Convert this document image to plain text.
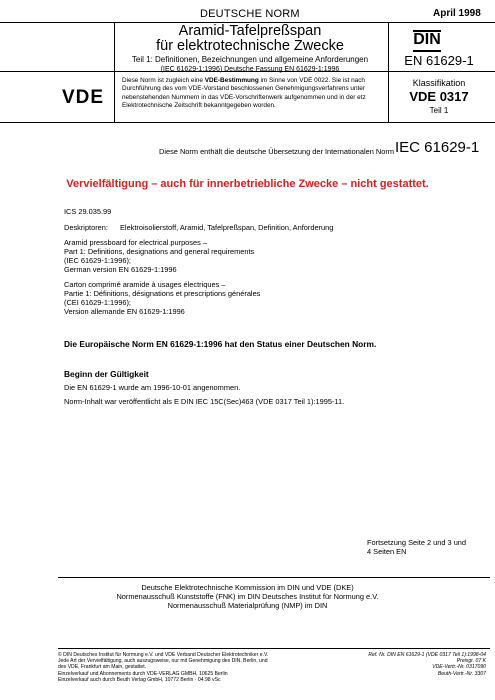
DEUTSCHE NORM	April 1998
Aramid-Tafelpreßspan
für elektrotechnische Zwecke
Teil 1: Definitionen, Bezeichnungen und allgemeine Anforderungen
(IEC 61629-1:1996) Deutsche Fassung EN 61629-1:1996
DIN
EN 61629-1
VDE
Diese Norm ist zugleich eine VDE-Bestimmung im Sinne von VDE 0022. Sie ist nach Durchführung des vom VDE-Vorstand beschlossenen Genehmigungsverfahrens unter nebenstehenden Nummern in das VDE-Vorschriftenwerk aufgenommen und in der etz Elektrotechnische Zeitschrift bekanntgegeben worden.
Klassifikation
VDE 0317
Teil 1
Diese Norm enthält die deutsche Übersetzung der Internationalen Norm IEC 61629-1
Vervielfältigung – auch für innerbetriebliche Zwecke – nicht gestattet.
ICS 29.035.99
Deskriptoren: Elektroisolierstoff, Aramid, Tafelpreßspan, Definition, Anforderung
Aramid pressboard for electrical purposes –
Part 1: Definitions, designations and general requirements
(IEC 61629-1:1996);
German version EN 61629-1:1996
Carton comprimé aramide à usages électriques –
Partie 1: Définitions, désignations et prescriptions générales
(CEI 61629-1:1996);
Version allemande EN 61629-1:1996
Die Europäische Norm EN 61629-1:1996 hat den Status einer Deutschen Norm.
Beginn der Gültigkeit
Die EN 61629-1 wurde am 1996-10-01 angenommen.
Norm-Inhalt war veröffentlicht als E DIN IEC 15C(Sec)463 (VDE 0317 Teil 1):1995-11.
Fortsetzung Seite 2 und 3 und
4 Seiten EN
Deutsche Elektrotechnische Kommission im DIN und VDE (DKE)
Normenausschuß Kunststoffe (FNK) im DIN Deutsches Institut für Normung e.V.
Normenausschuß Materialprüfung (NMP) im DIN
© DIN Deutsches Institut für Normung e.V. und VDE Verband Deutscher Elektrotechniker e.V.
Jede Art der Vervielfältigung, auch auszugsweise, nur mit Genehmigung des DIN, Berlin, und
des VDE, Frankfurt am Main, gestattet.
Einzelverkauf und Abonnements durch VDE-VERLAG GMBH, 10625 Berlin
Einzelverkauf auch durch Beuth Verlag GmbH, 10772 Berlin · 04.98 vSc
Ref. Nr. DIN EN 61629-1 (VDE 0317 Teil 1):1998-04
Preisgr. 07 K
VDE-Vertr.-Nr. 0317090
Beuth-Vertr.-Nr. 3307
